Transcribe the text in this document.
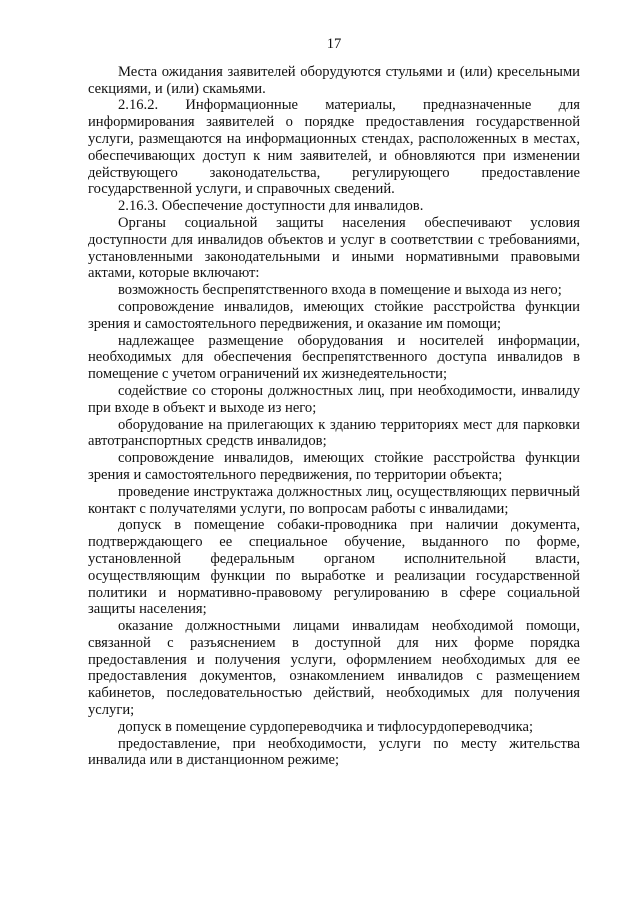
17

Места ожидания заявителей оборудуются стульями и (или) кресельными секциями, и (или) скамьями.

2.16.2. Информационные материалы, предназначенные для информирования заявителей о порядке предоставления государственной услуги, размещаются на информационных стендах, расположенных в местах, обеспечивающих доступ к ним заявителей, и обновляются при изменении действующего законодательства, регулирующего предоставление государственной услуги, и справочных сведений.

2.16.3. Обеспечение доступности для инвалидов.

Органы социальной защиты населения обеспечивают условия доступности для инвалидов объектов и услуг в соответствии с требованиями, установленными законодательными и иными нормативными правовыми актами, которые включают:

возможность беспрепятственного входа в помещение и выхода из него;

сопровождение инвалидов, имеющих стойкие расстройства функции зрения и самостоятельного передвижения, и оказание им помощи;

надлежащее размещение оборудования и носителей информации, необходимых для обеспечения беспрепятственного доступа инвалидов в помещение с учетом ограничений их жизнедеятельности;

содействие со стороны должностных лиц, при необходимости, инвалиду при входе в объект и выходе из него;

оборудование на прилегающих к зданию территориях мест для парковки автотранспортных средств инвалидов;

сопровождение инвалидов, имеющих стойкие расстройства функции зрения и самостоятельного передвижения, по территории объекта;

проведение инструктажа должностных лиц, осуществляющих первичный контакт с получателями услуги, по вопросам работы с инвалидами;

допуск в помещение собаки-проводника при наличии документа, подтверждающего ее специальное обучение, выданного по форме, установленной федеральным органом исполнительной власти, осуществляющим функции по выработке и реализации государственной политики и нормативно-правовому регулированию в сфере социальной защиты населения;

оказание должностными лицами инвалидам необходимой помощи, связанной с разъяснением в доступной для них форме порядка предоставления и получения услуги, оформлением необходимых для ее предоставления документов, ознакомлением инвалидов с размещением кабинетов, последовательностью действий, необходимых для получения услуги;

допуск в помещение сурдопереводчика и тифлосурдопереводчика;

предоставление, при необходимости, услуги по месту жительства инвалида или в дистанционном режиме;
